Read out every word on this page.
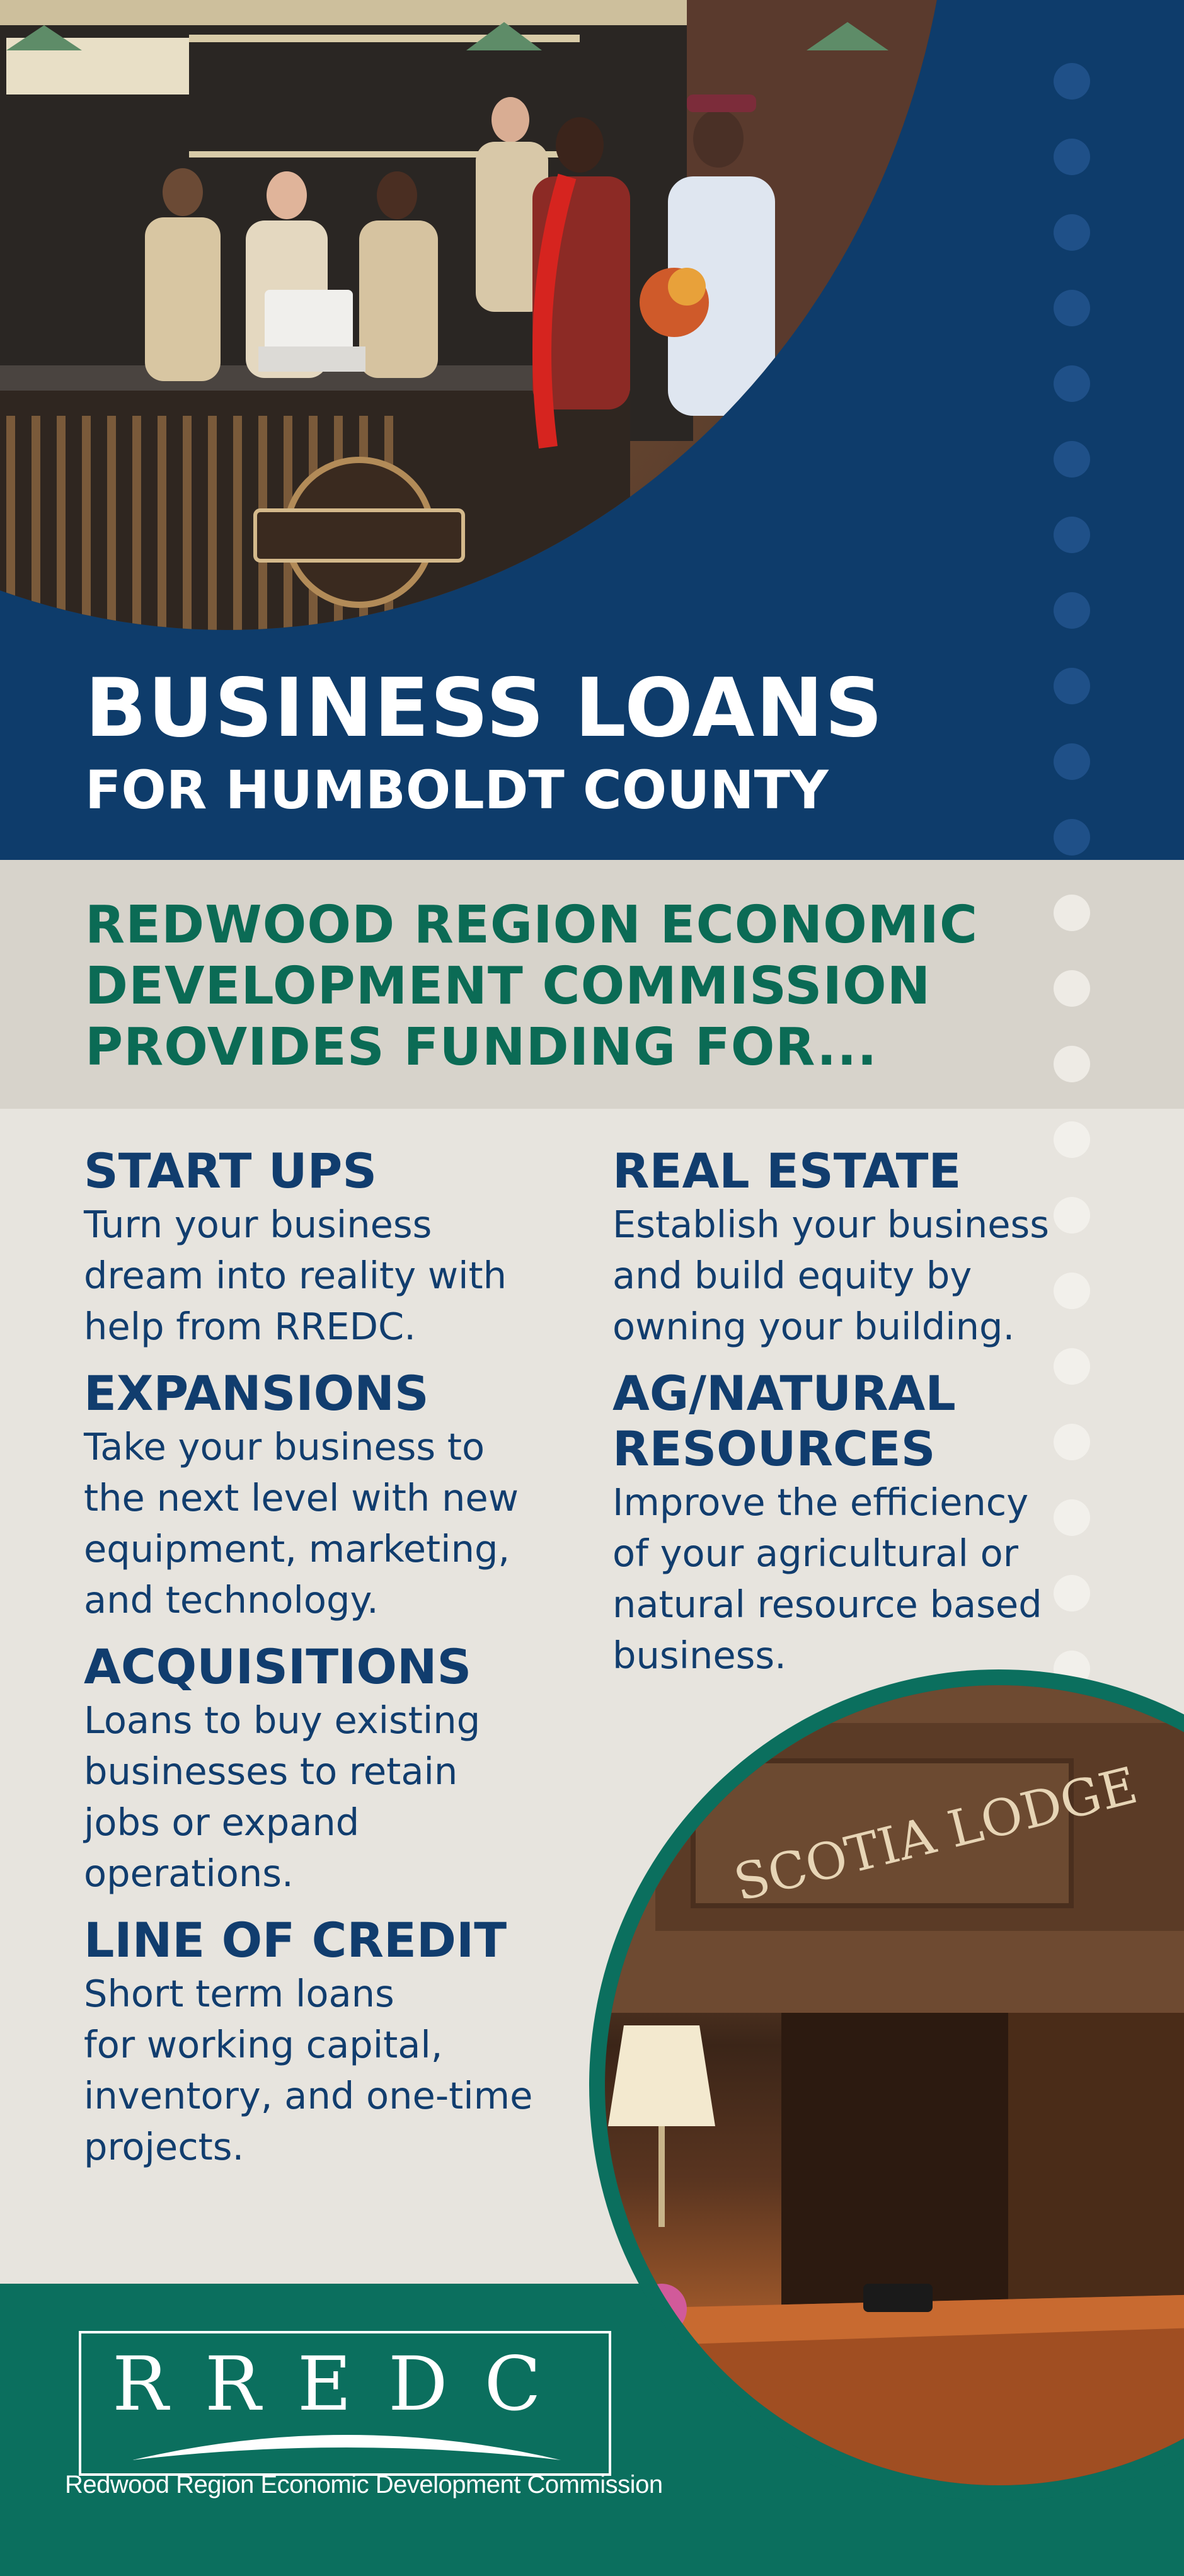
BUSINESS LOANS
FOR HUMBOLDT COUNTY
REDWOOD REGION ECONOMIC
DEVELOPMENT COMMISSION
PROVIDES FUNDING FOR...
START UPS
Turn your business
dream into reality with
help from RREDC.
EXPANSIONS
Take your business to
the next level with new
equipment, marketing,
and technology.
ACQUISITIONS
Loans to buy existing
businesses to retain
jobs or expand
operations.
LINE OF CREDIT
Short term loans
for working capital,
inventory, and one-time
projects.
REAL ESTATE
Establish your business
and build equity by
owning your building.
AG/NATURAL
RESOURCES
Improve the efficiency
of your agricultural or
natural resource based
business.
SCOTIA LODGE
RREDC
Redwood Region Economic Development Commission
